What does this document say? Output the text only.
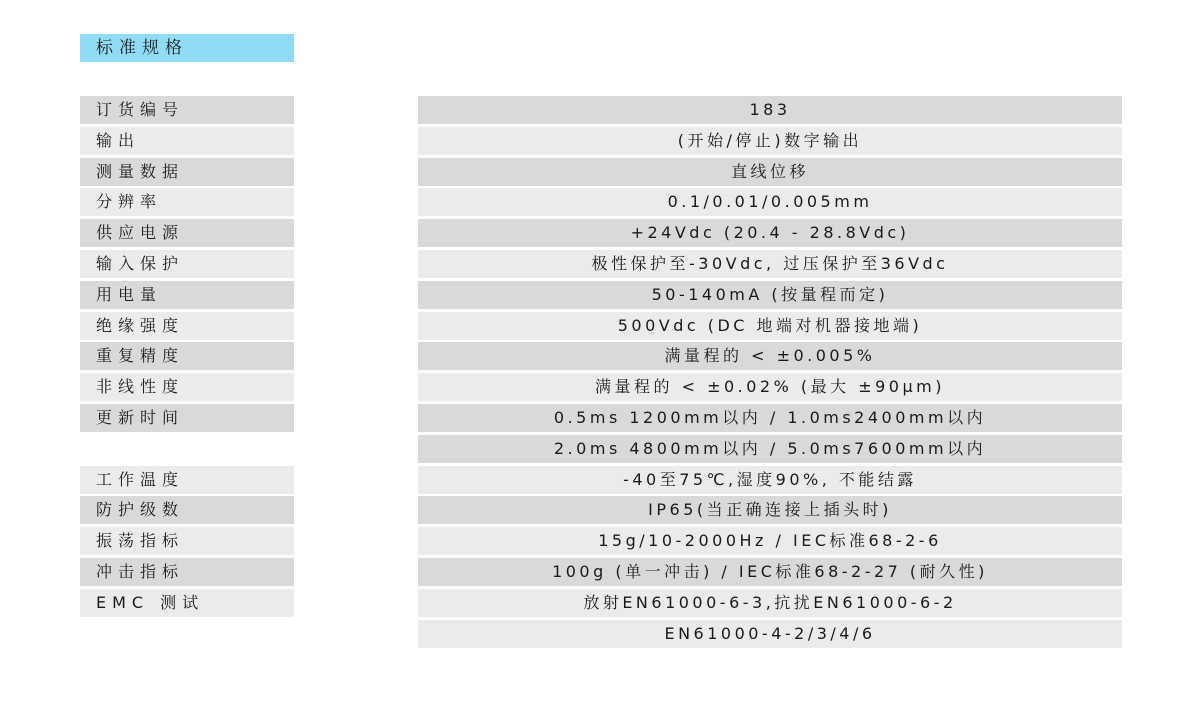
标准规格
订货编号
输出
测量数据
分辨率
供应电源
输入保护
用电量
绝缘强度
重复精度
非线性度
更新时间
工作温度
防护级数
振荡指标
冲击指标
EMC 测试
183
(开始/停止)数字输出
直线位移
0.1/0.01/0.005mm
+24Vdc (20.4 - 28.8Vdc)
极性保护至-30Vdc, 过压保护至36Vdc
50-140mA (按量程而定)
500Vdc (DC 地端对机器接地端)
满量程的 < ±0.005%
满量程的 < ±0.02% (最大 ±90μm)
0.5ms 1200mm以内 / 1.0ms2400mm以内
2.0ms 4800mm以内 / 5.0ms7600mm以内
-40至75℃,湿度90%, 不能结露
IP65(当正确连接上插头时)
15g/10-2000Hz / IEC标准68-2-6
100g (单一冲击) / IEC标准68-2-27 (耐久性)
放射EN61000-6-3,抗扰EN61000-6-2
EN61000-4-2/3/4/6
